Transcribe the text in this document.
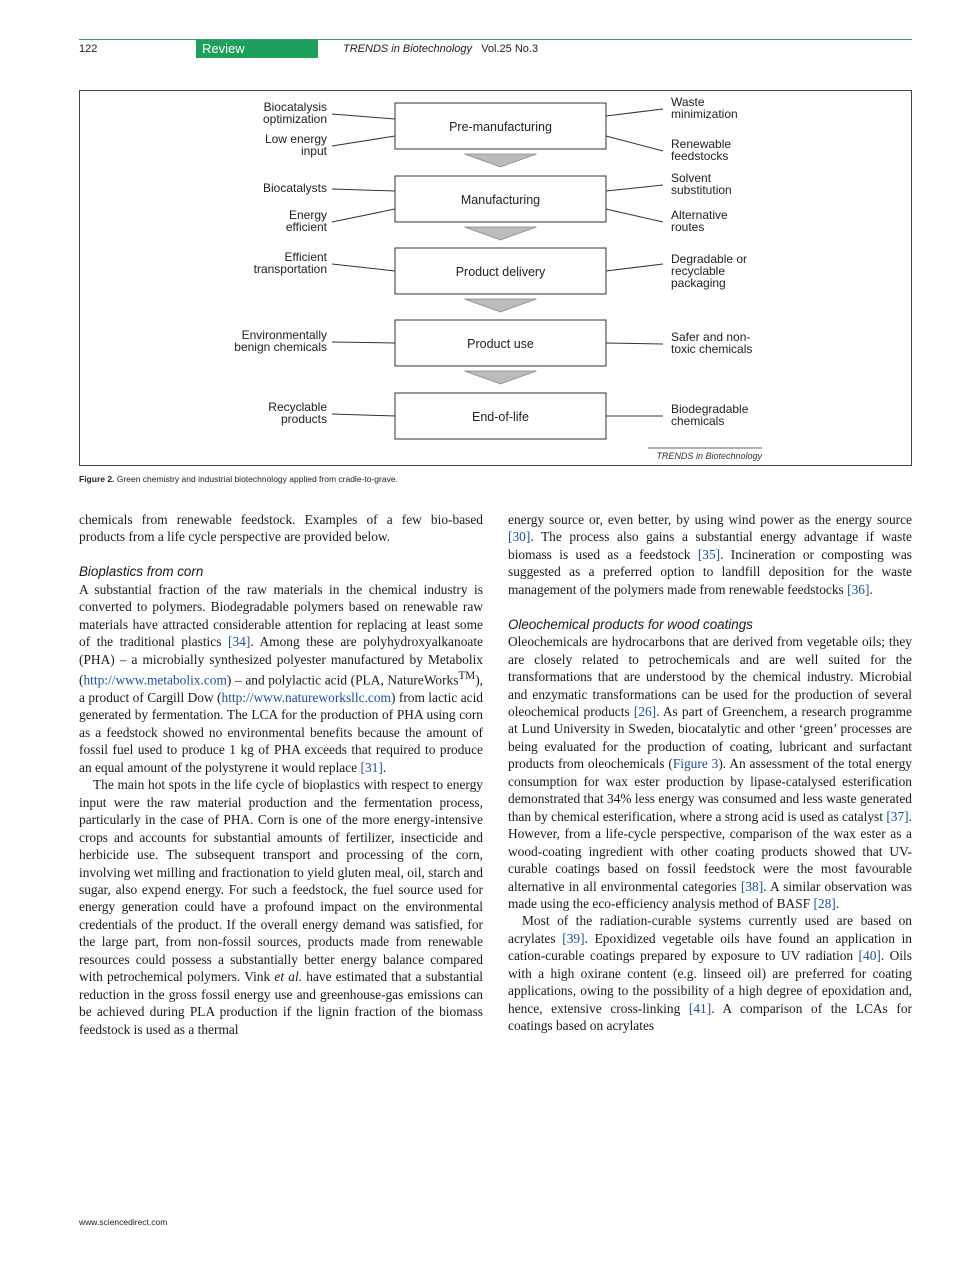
122	Review	TRENDS in Biotechnology Vol.25 No.3
Pre-manufacturing
Manufacturing
Product delivery
Product use
End-of-life
Biocatalysis
optimization
Low energy
input
Biocatalysts
Energy
efficient
Efficient
transportation
Environmentally
benign chemicals
Recyclable
products
Waste
minimization
Renewable
feedstocks
Solvent
substitution
Alternative
routes
Degradable or
recyclable
packaging
Safer and non-
toxic chemicals
Biodegradable
chemicals
TRENDS in Biotechnology
Figure 2. Green chemistry and industrial biotechnology applied from cradle-to-grave.

chemicals from renewable feedstock. Examples of a few bio-based products from a life cycle perspective are provided below.

Bioplastics from corn

A substantial fraction of the raw materials in the chemical industry is converted to polymers. Biodegradable polymers based on renewable raw materials have attracted considerable attention for replacing at least some of the traditional plastics [34]. Among these are polyhydroxyalkanoate (PHA) – a microbially synthesized polyester manufactured by Metabolix (http://www.metabolix.com) – and polylactic acid (PLA, NatureWorks™), a product of Cargill Dow (http://www.natureworksllc.com) from lactic acid generated by fermentation. The LCA for the production of PHA using corn as a feedstock showed no environmental benefits because the amount of fossil fuel used to produce 1 kg of PHA exceeds that required to produce an equal amount of the polystyrene it would replace [31].

The main hot spots in the life cycle of bioplastics with respect to energy input were the raw material production and the fermentation process, particularly in the case of PHA. Corn is one of the more energy-intensive crops and accounts for substantial amounts of fertilizer, insecticide and herbicide use. The subsequent transport and processing of the corn, involving wet milling and fractionation to yield gluten meal, oil, starch and sugar, also expend energy. For such a feedstock, the fuel source used for energy generation could have a profound impact on the environmental credentials of the product. If the overall energy demand was satisfied, for the large part, from non-fossil sources, products made from renewable resources could possess a substantially better energy balance compared with petrochemical polymers. Vink et al. have estimated that a substantial reduction in the gross fossil energy use and greenhouse-gas emissions can be achieved during PLA production if the lignin fraction of the biomass feedstock is used as a thermal

energy source or, even better, by using wind power as the energy source [30]. The process also gains a substantial energy advantage if waste biomass is used as a feedstock [35]. Incineration or composting was suggested as a preferred option to landfill deposition for the waste management of the polymers made from renewable feedstocks [36].

Oleochemical products for wood coatings

Oleochemicals are hydrocarbons that are derived from vegetable oils; they are closely related to petrochemicals and are well suited for the transformations that are understood by the chemical industry. Microbial and enzymatic transformations can be used for the production of several oleochemical products [26]. As part of Greenchem, a research programme at Lund University in Sweden, biocatalytic and other ‘green’ processes are being evaluated for the production of coating, lubricant and surfactant products from oleochemicals (Figure 3). An assessment of the total energy consumption for wax ester production by lipase-catalysed esterification demonstrated that 34% less energy was consumed and less waste generated than by chemical esterification, where a strong acid is used as catalyst [37]. However, from a life-cycle perspective, comparison of the wax ester as a wood-coating ingredient with other coating products showed that UV-curable coatings based on fossil feedstock were the most favourable alternative in all environmental categories [38]. A similar observation was made using the eco-efficiency analysis method of BASF [28].

Most of the radiation-curable systems currently used are based on acrylates [39]. Epoxidized vegetable oils have found an application in cation-curable coatings prepared by exposure to UV radiation [40]. Oils with a high oxirane content (e.g. linseed oil) are preferred for coating applications, owing to the possibility of a high degree of epoxidation and, hence, extensive cross-linking [41]. A comparison of the LCAs for coatings based on acrylates

www.sciencedirect.com
